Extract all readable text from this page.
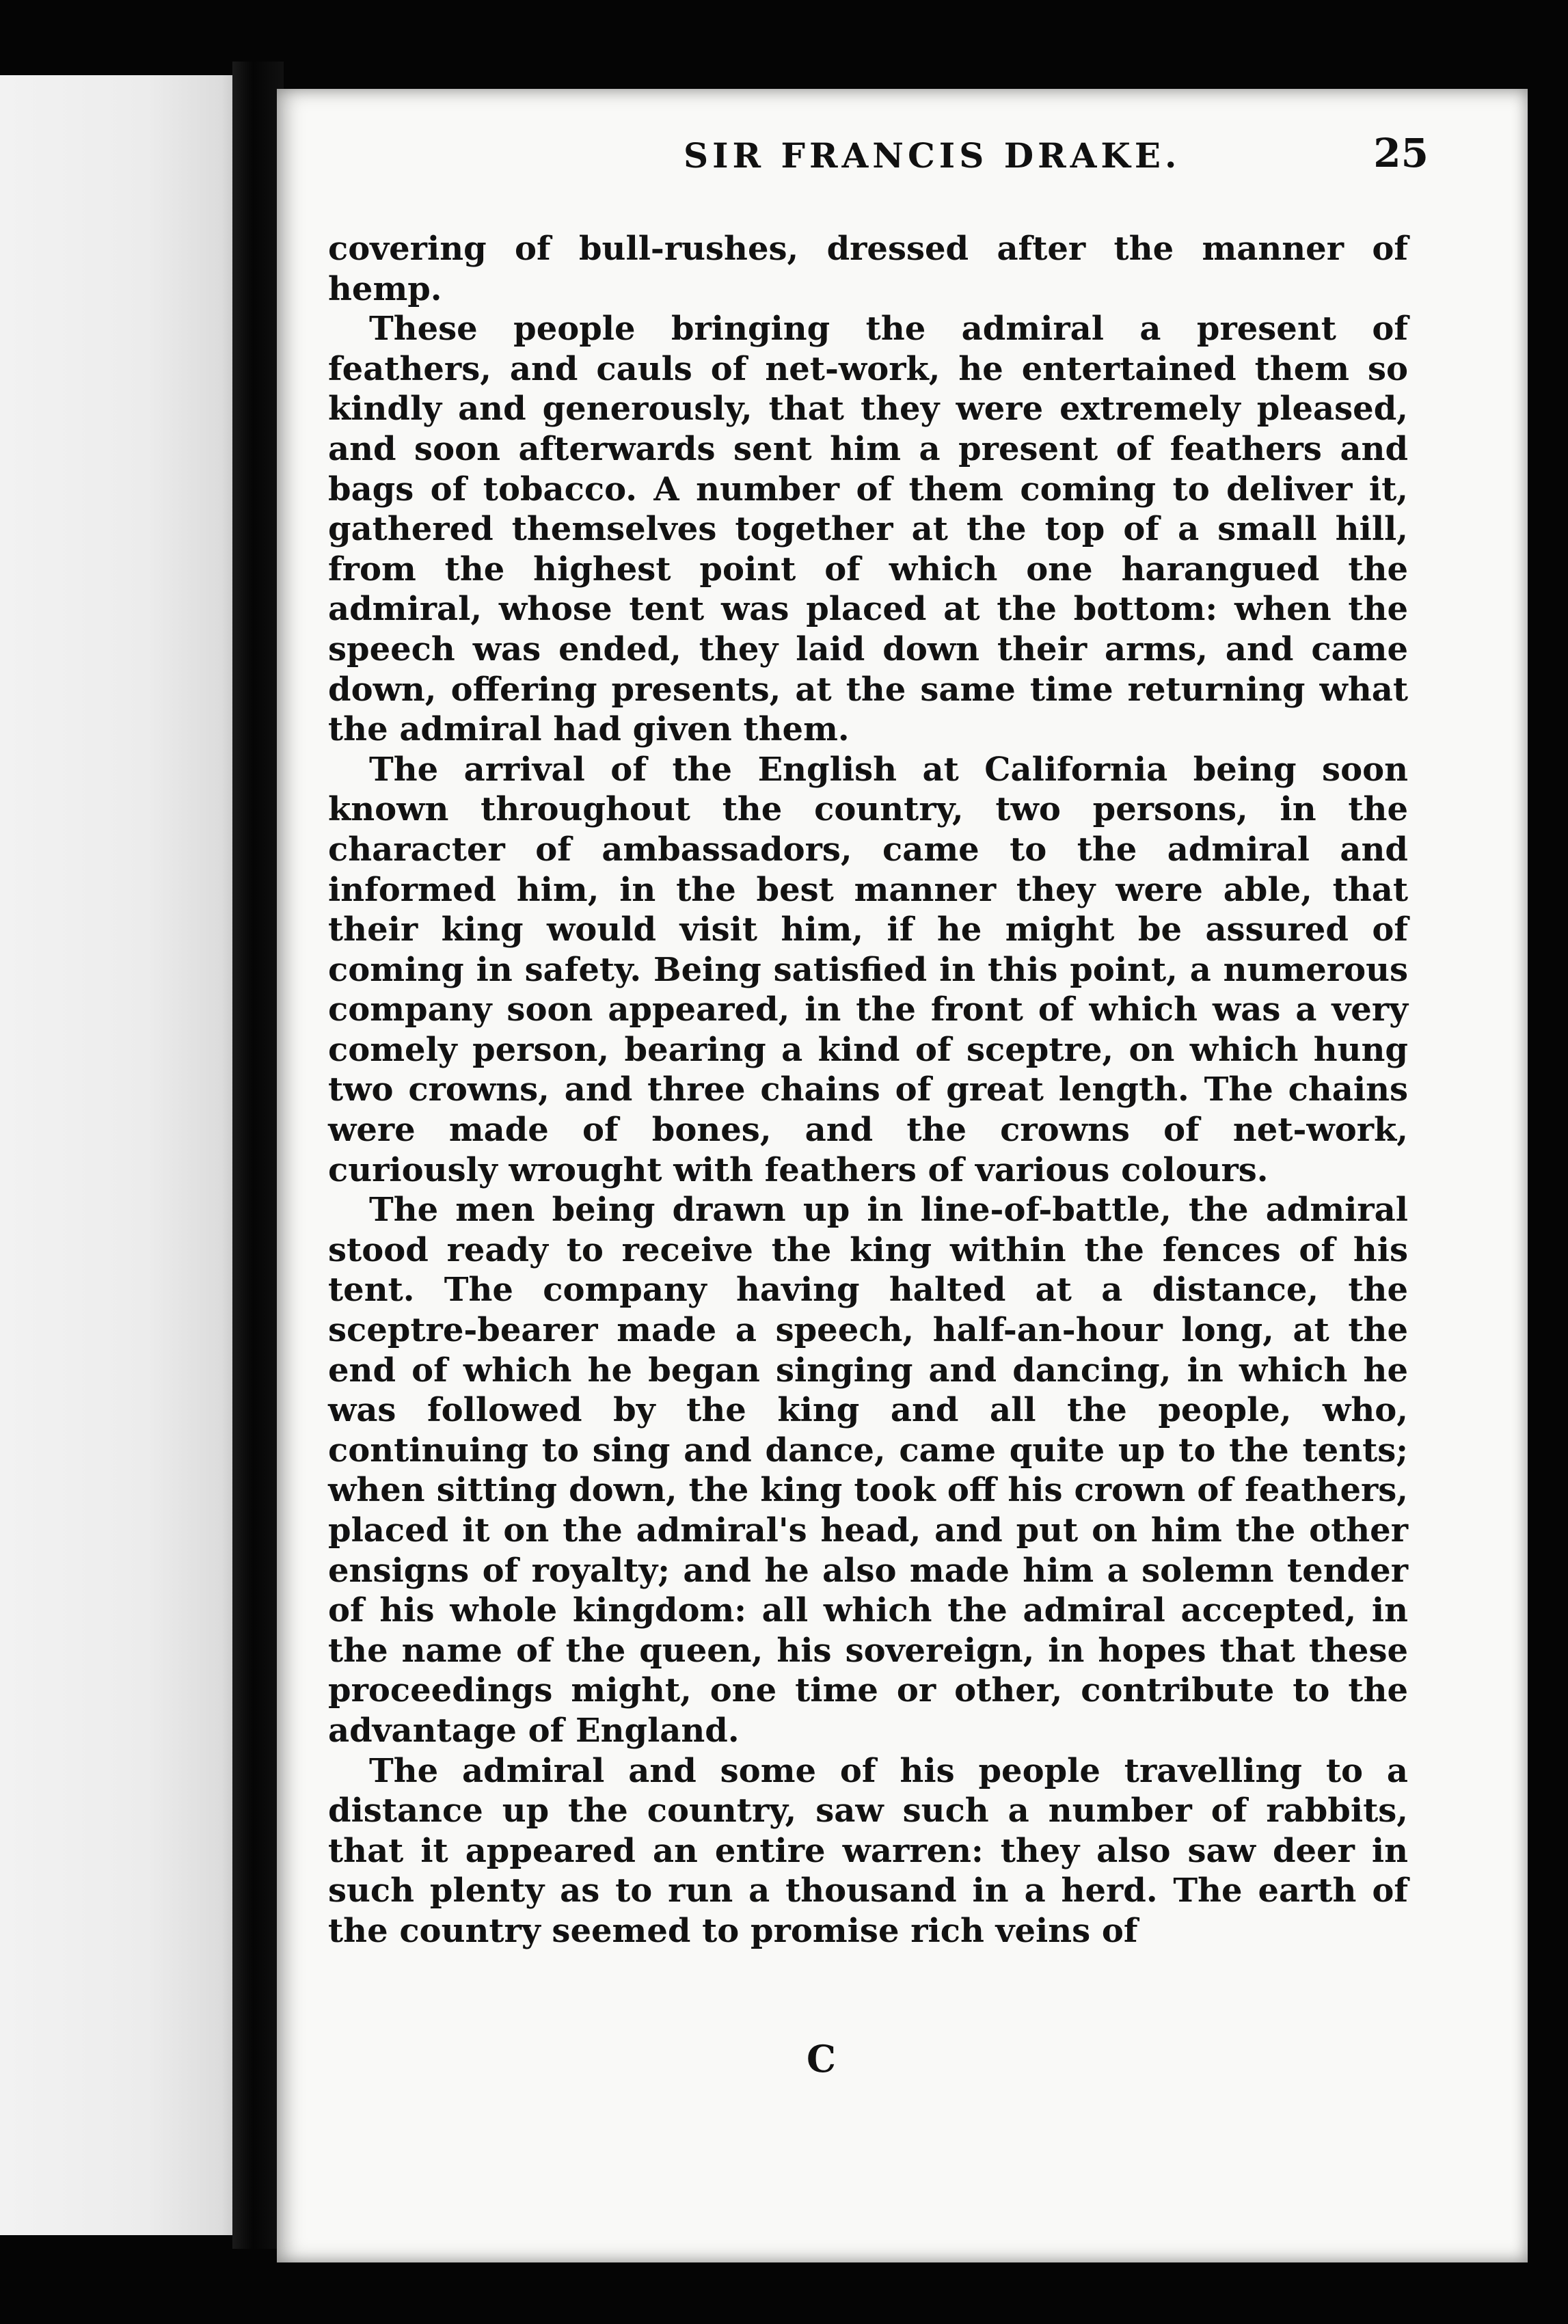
SIR FRANCIS DRAKE.	25

covering of bull-rushes, dressed after the manner of hemp.

These people bringing the admiral a present of feathers, and cauls of net-work, he entertained them so kindly and generously, that they were extremely pleased, and soon afterwards sent him a present of feathers and bags of tobacco. A number of them coming to deliver it, gathered themselves together at the top of a small hill, from the highest point of which one harangued the admiral, whose tent was placed at the bottom: when the speech was ended, they laid down their arms, and came down, offering presents, at the same time returning what the admiral had given them.

The arrival of the English at California being soon known throughout the country, two persons, in the character of ambassadors, came to the admiral and informed him, in the best manner they were able, that their king would visit him, if he might be assured of coming in safety. Being satisfied in this point, a numerous company soon appeared, in the front of which was a very comely person, bearing a kind of sceptre, on which hung two crowns, and three chains of great length. The chains were made of bones, and the crowns of net-work, curiously wrought with feathers of various colours.

The men being drawn up in line-of-battle, the admiral stood ready to receive the king within the fences of his tent. The company having halted at a distance, the sceptre-bearer made a speech, half-an-hour long, at the end of which he began singing and dancing, in which he was followed by the king and all the people, who, continuing to sing and dance, came quite up to the tents; when sitting down, the king took off his crown of feathers, placed it on the admiral's head, and put on him the other ensigns of royalty; and he also made him a solemn tender of his whole kingdom: all which the admiral accepted, in the name of the queen, his sovereign, in hopes that these proceedings might, one time or other, contribute to the advantage of England.

The admiral and some of his people travelling to a distance up the country, saw such a number of rabbits, that it appeared an entire warren: they also saw deer in such plenty as to run a thousand in a herd. The earth of the country seemed to promise rich veins of

C
